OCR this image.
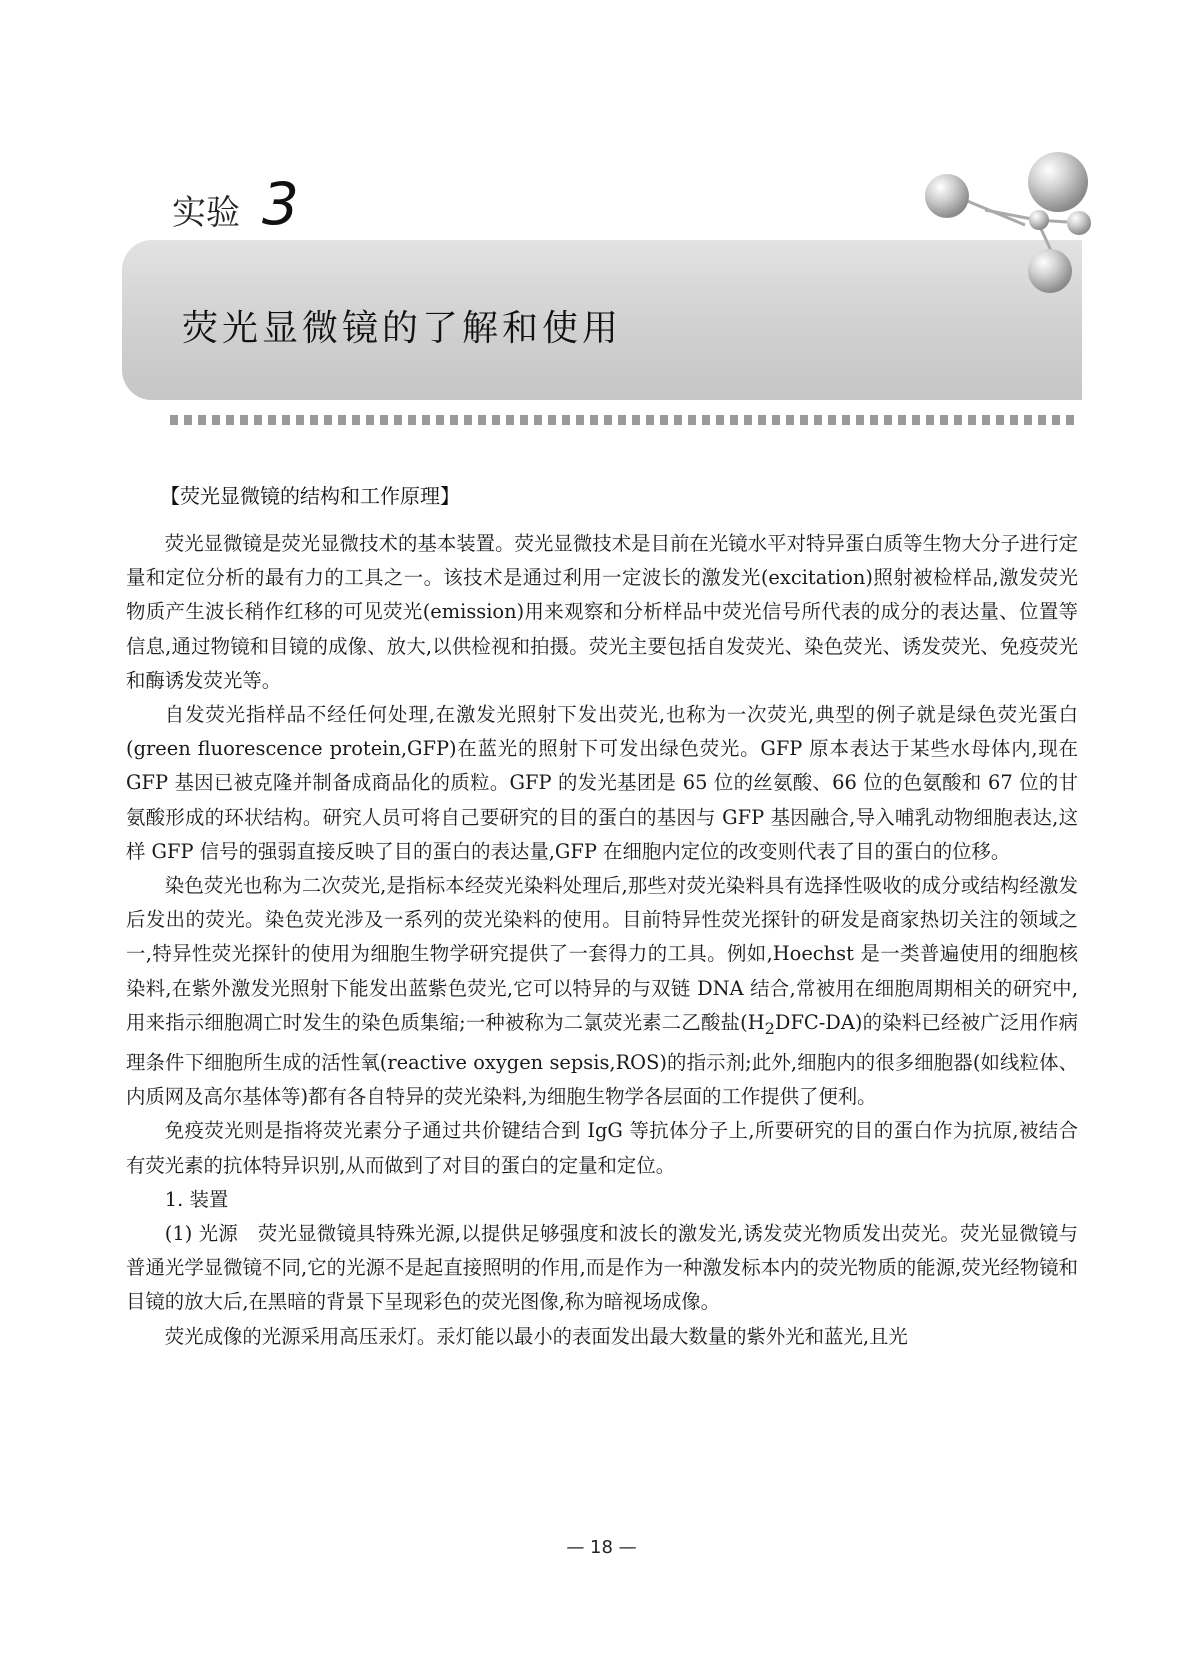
实验 3
荧光显微镜的了解和使用
【荧光显微镜的结构和工作原理】

荧光显微镜是荧光显微技术的基本装置。荧光显微技术是目前在光镜水平对特异蛋白质等生物大分子进行定量和定位分析的最有力的工具之一。该技术是通过利用一定波长的激发光(excitation)照射被检样品,激发荧光物质产生波长稍作红移的可见荧光(emission)用来观察和分析样品中荧光信号所代表的成分的表达量、位置等信息,通过物镜和目镜的成像、放大,以供检视和拍摄。荧光主要包括自发荧光、染色荧光、诱发荧光、免疫荧光和酶诱发荧光等。

自发荧光指样品不经任何处理,在激发光照射下发出荧光,也称为一次荧光,典型的例子就是绿色荧光蛋白(green fluorescence protein,GFP)在蓝光的照射下可发出绿色荧光。GFP 原本表达于某些水母体内,现在 GFP 基因已被克隆并制备成商品化的质粒。GFP 的发光基团是 65 位的丝氨酸、66 位的色氨酸和 67 位的甘氨酸形成的环状结构。研究人员可将自己要研究的目的蛋白的基因与 GFP 基因融合,导入哺乳动物细胞表达,这样 GFP 信号的强弱直接反映了目的蛋白的表达量,GFP 在细胞内定位的改变则代表了目的蛋白的位移。

染色荧光也称为二次荧光,是指标本经荧光染料处理后,那些对荧光染料具有选择性吸收的成分或结构经激发后发出的荧光。染色荧光涉及一系列的荧光染料的使用。目前特异性荧光探针的研发是商家热切关注的领域之一,特异性荧光探针的使用为细胞生物学研究提供了一套得力的工具。例如,Hoechst 是一类普遍使用的细胞核染料,在紫外激发光照射下能发出蓝紫色荧光,它可以特异的与双链 DNA 结合,常被用在细胞周期相关的研究中,用来指示细胞凋亡时发生的染色质集缩;一种被称为二氯荧光素二乙酸盐$(H_2DFC-DA)$的染料已经被广泛用作病理条件下细胞所生成的活性氧(reactive oxygen sepsis,ROS)的指示剂;此外,细胞内的很多细胞器(如线粒体、内质网及高尔基体等)都有各自特异的荧光染料,为细胞生物学各层面的工作提供了便利。

免疫荧光则是指将荧光素分子通过共价键结合到 IgG 等抗体分子上,所要研究的目的蛋白作为抗原,被结合有荧光素的抗体特异识别,从而做到了对目的蛋白的定量和定位。

1. 装置

(1) 光源　荧光显微镜具特殊光源,以提供足够强度和波长的激发光,诱发荧光物质发出荧光。荧光显微镜与普通光学显微镜不同,它的光源不是起直接照明的作用,而是作为一种激发标本内的荧光物质的能源,荧光经物镜和目镜的放大后,在黑暗的背景下呈现彩色的荧光图像,称为暗视场成像。

荧光成像的光源采用高压汞灯。汞灯能以最小的表面发出最大数量的紫外光和蓝光,且光

— 18 —
